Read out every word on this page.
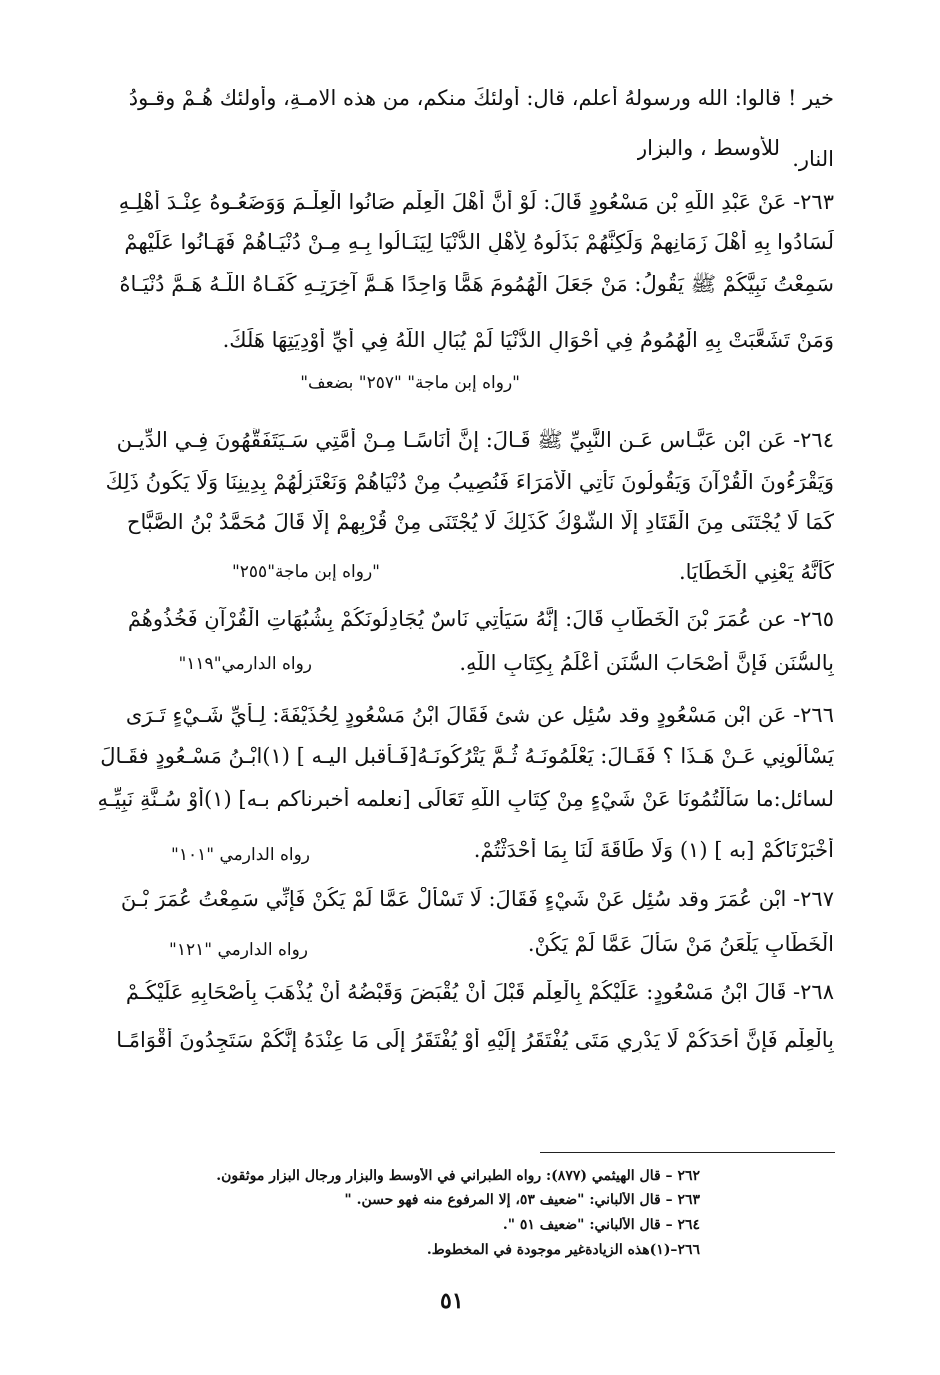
خير ! قالوا: الله ورسولهُ أعلم، قال: أولئكَ منكم، من هذه الامـةِ، وأولئك هُـمْ وقـودُ
للأوسط ، والبزار النار.
٢٦٣- عَنْ عَبْدِ اللَّهِ بْنِ مَسْعُودٍ قَالَ: لَوْ أَنَّ أَهْلَ الْعِلْمِ صَانُوا الْعِلْـمَ وَوَضَعُـوهُ عِنْـدَ أَهْلِـهِ
لَسَادُوا بِهِ أَهْلَ زَمَانِهِمْ وَلَكِنَّهُمْ بَذَلُوهُ لِأَهْلِ الدُّنْيَا لِيَنَـالُوا بِـهِ مِـنْ دُنْيَـاهُمْ فَهَـانُوا عَلَيْهِمْ
سَمِعْتُ نَبِيَّكُمْ ﷺ يَقُولُ: مَنْ جَعَلَ الْهُمُومَ هَمًّا وَاحِدًا هَـمَّ آخِرَتِـهِ كَفَـاهُ اللَّـهُ هَـمَّ دُنْيَـاهُ
وَمَنْ تَشَعَّبَتْ بِهِ الْهُمُومُ فِي أَحْوَالِ الدُّنْيَا لَمْ يُبَالِ اللَّهُ فِي أَيِّ أَوْدِيَتِهَا هَلَكَ.
"رواه إبن ماجة" "٢٥٧" بضعف"
٢٦٤- عَنِ ابْنِ عَبَّـاسٍ عَـنِ النَّبِيِّ ﷺ قَـالَ: إِنَّ أُنَاسًـا مِـنْ أُمَّتِي سَـيَتَفَقَّهُونَ فِـي الدِّيـنِ
وَيَقْرَءُونَ الْقُرْآنَ وَيَقُولُونَ نَأْتِي الْأُمَرَاءَ فَنُصِيبُ مِنْ دُنْيَاهُمْ وَنَعْتَزِلُهُمْ بِدِينِنَا وَلَا يَكُونُ ذَلِكَ
كَمَا لَا يُجْتَنَى مِنَ الْقَتَادِ إِلَّا الشَّوْكُ كَذَلِكَ لَا يُجْتَنَى مِنْ قُرْبِهِمْ إِلَّا قَالَ مُحَمَّدُ بْنُ الصَّبَّاحِ
كَأَنَّهُ يَعْنِي الْخَطَايَا.
"رواه إبن ماجة"٢٥٥"
٢٦٥- عن عُمَرَ بْنَ الْخَطَّابِ قَالَ: إِنَّهُ سَيَأْتِي نَاسٌ يُجَادِلُونَكُمْ بِشُبُهَاتِ الْقُرْآنِ فَخُذُوهُمْ
بِالسُّنَنِ فَإِنَّ أَصْحَابَ السُّنَنِ أَعْلَمُ بِكِتَابِ اللَّهِ.
رواه الدارمي"١١٩"
٢٦٦- عَنِ ابْنِ مَسْعُودٍ وقد سُئِل عن شئ فَقَالَ ابْنُ مَسْعُودٍ لِحُذَيْفَةَ: لِـأَيِّ شَـيْءٍ تَـرَى
يَسْأَلُونِي عَـنْ هَـذَا ؟ فَقَـالَ: يَعْلَمُونَـهُ ثُـمَّ يَتْرُكُونَـهُ[فَـأقبل اليـه ] (١)ابْـنُ مَسْـعُودٍ فقَـالَ
لسائل:ما سَأَلْتُمُونَا عَنْ شَيْءٍ مِنْ كِتَابِ اللَّهِ تَعَالَى [نعلمه أخبرناكم بـه] (١)أَوْ سُـنَّةِ نَبِيِّـهِ
أَخْبَرْنَاكُمْ [به ] (١) وَلَا طَاقَةَ لَنَا بِمَا أَحْدَثْتُمْ.
رواه الدارمي "١٠١"
٢٦٧- ابْنِ عُمَرَ وقد سُئِل عَنْ شَيْءٍ فَقَالَ: لَا تَسْأَلْ عَمَّا لَمْ يَكُنْ فَإِنِّي سَمِعْتُ عُمَرَ بْـنَ
الْخَطَّابِ يَلْعَنُ مَنْ سَأَلَ عَمَّا لَمْ يَكُنْ.
رواه الدارمي "١٢١"
٢٦٨- قَالَ ابْنُ مَسْعُودٍ: عَلَيْكُمْ بِالْعِلْمِ قَبْلَ أَنْ يُقْبَضَ وَقَبْضُهُ أَنْ يُذْهَبَ بِأَصْحَابِهِ عَلَيْكُـمْ
بِالْعِلْمِ فَإِنَّ أَحَدَكُمْ لَا يَدْرِي مَتَى يُفْتَقَرُ إِلَيْهِ أَوْ يُفْتَقَرُ إِلَى مَا عِنْدَهُ إِنَّكُمْ سَتَجِدُونَ أَقْوَامًـا
٢٦٢ – قال الهيثمي (٨٧٧): رواه الطبراني في الأوسط والبزار ورجال البزار موثقون.
٢٦٣ – قال الألباني: "ضعيف ٥٣، إلا المرفوع منه فهو حسن. "
٢٦٤ – قال الألباني: "ضعيف ٥١ ".
٢٦٦–(١)هذه الزيادةغير موجودة في المخطوط.
٥١
